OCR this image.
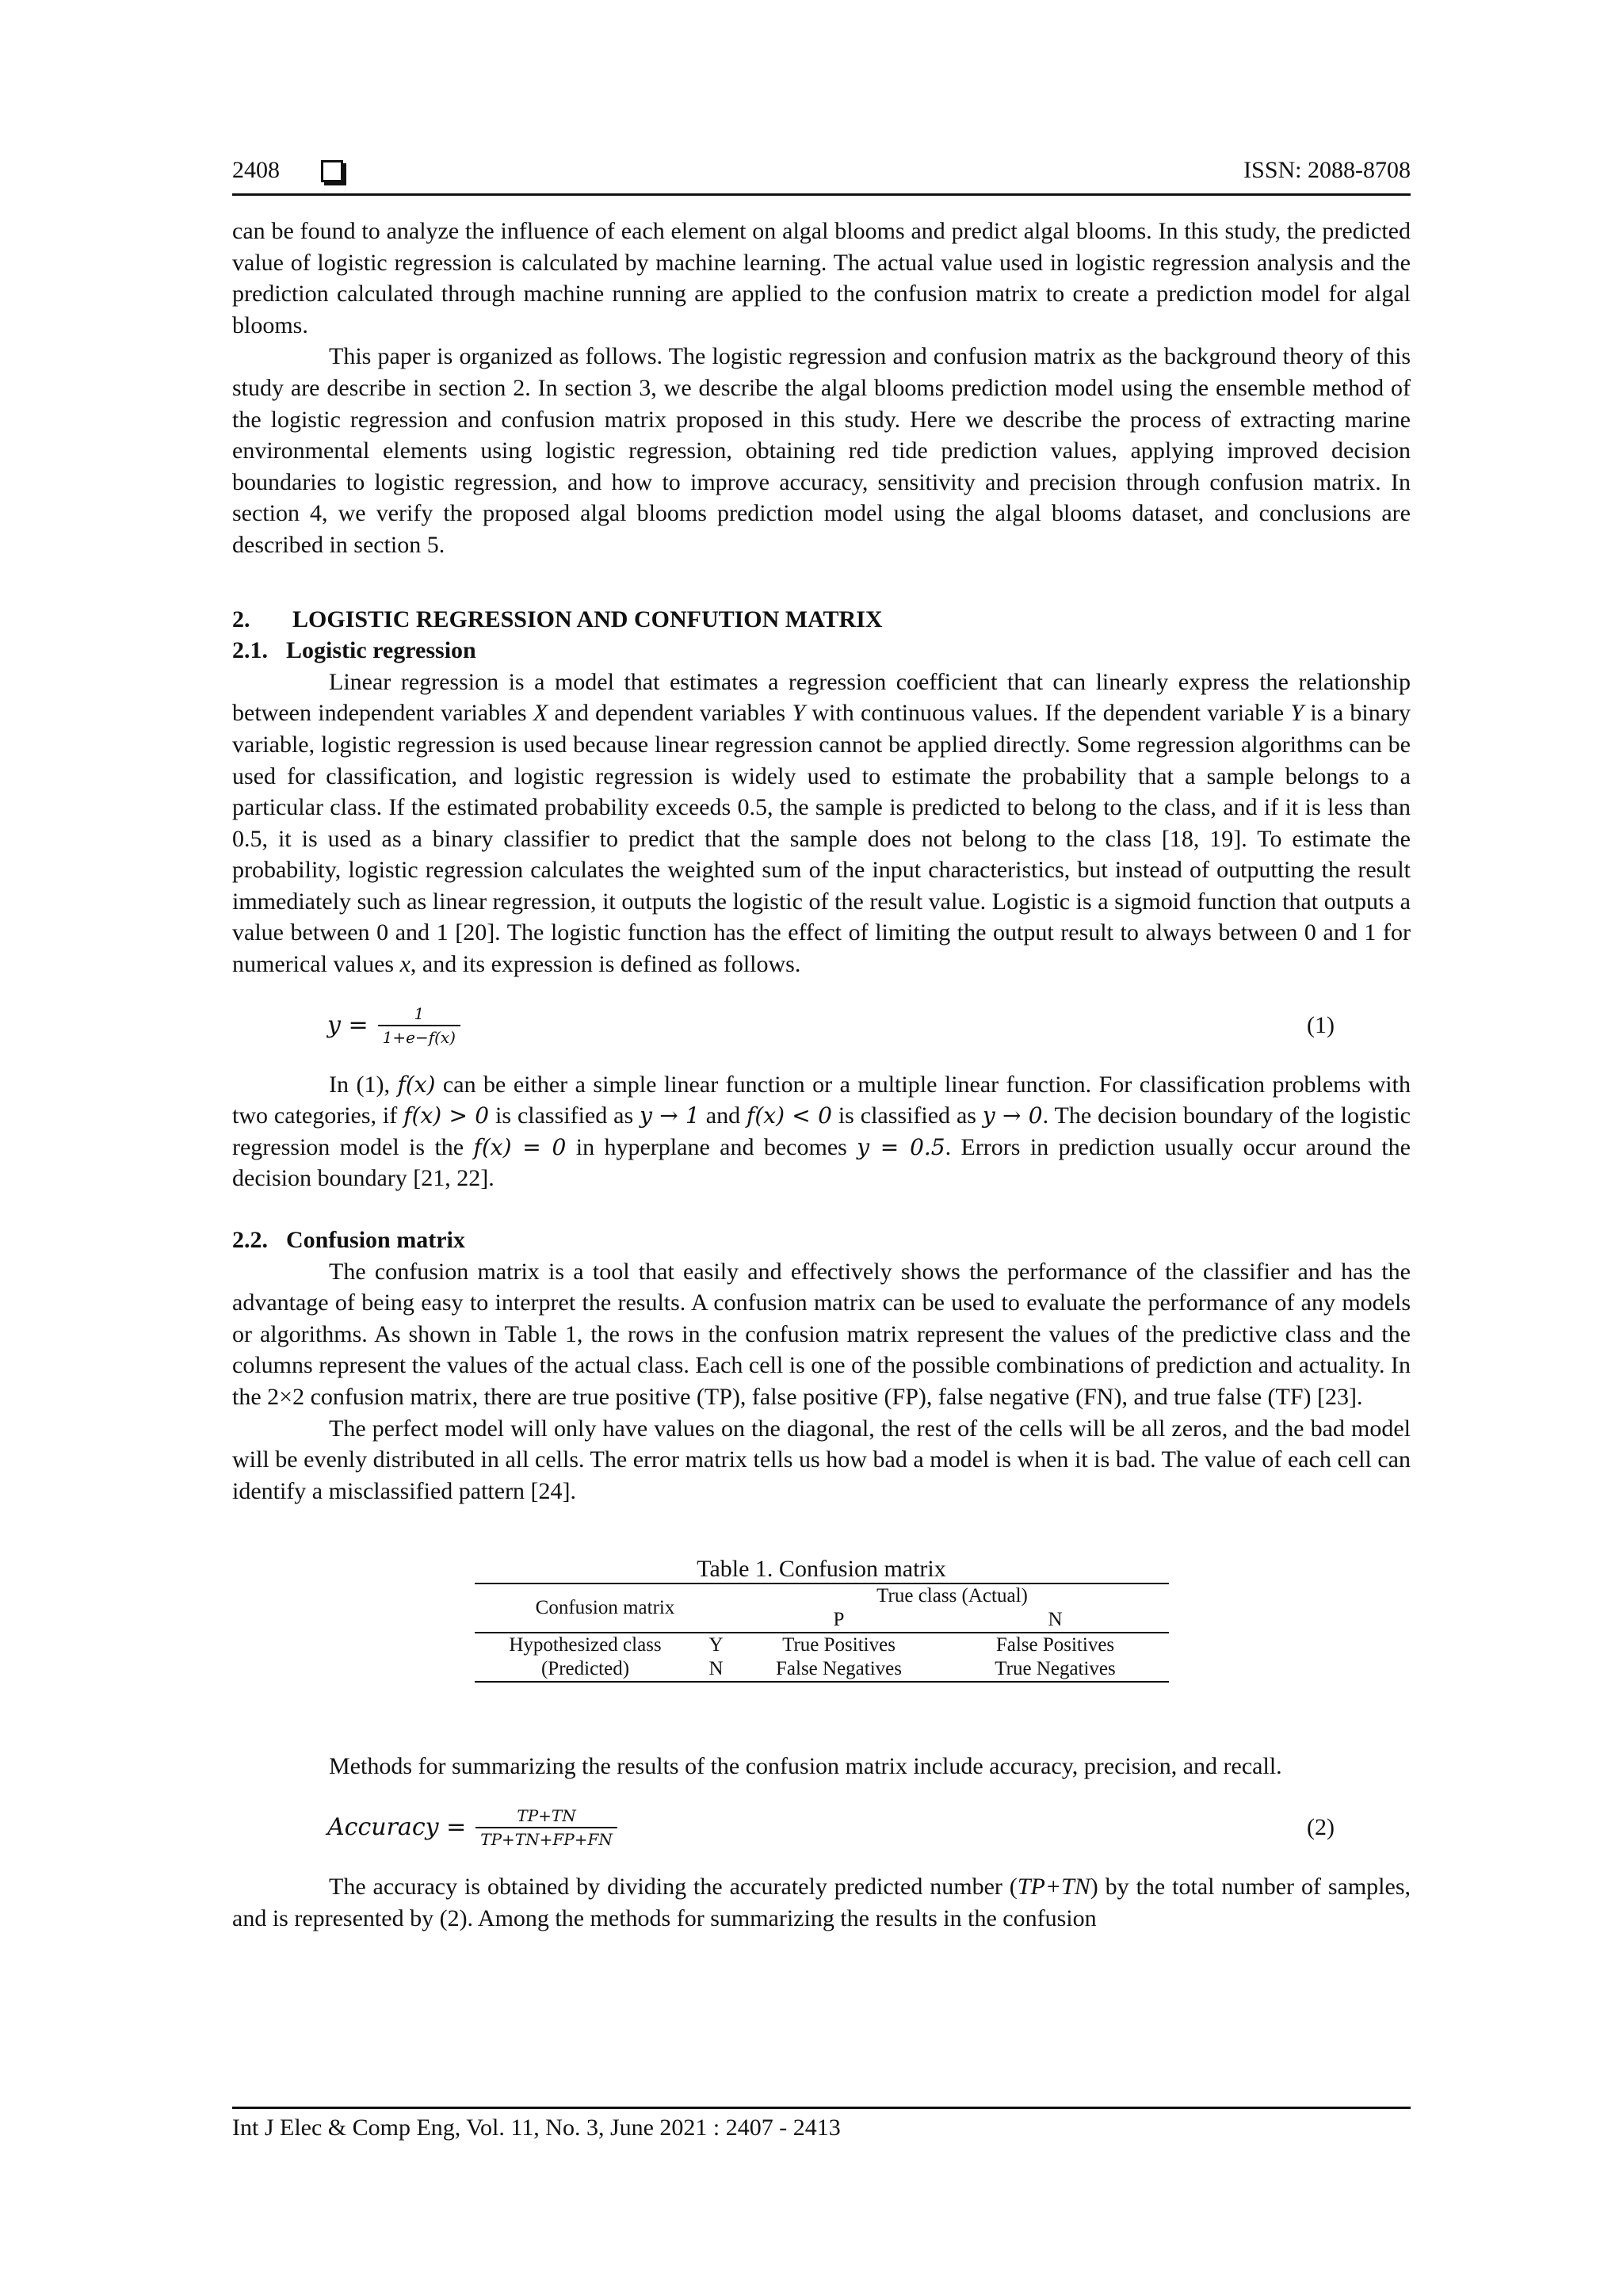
2408	ISSN: 2088-8708

can be found to analyze the influence of each element on algal blooms and predict algal blooms. In this study, the predicted value of logistic regression is calculated by machine learning. The actual value used in logistic regression analysis and the prediction calculated through machine running are applied to the confusion matrix to create a prediction model for algal blooms.

This paper is organized as follows. The logistic regression and confusion matrix as the background theory of this study are describe in section 2. In section 3, we describe the algal blooms prediction model using the ensemble method of the logistic regression and confusion matrix proposed in this study. Here we describe the process of extracting marine environmental elements using logistic regression, obtaining red tide prediction values, applying improved decision boundaries to logistic regression, and how to improve accuracy, sensitivity and precision through confusion matrix. In section 4, we verify the proposed algal blooms prediction model using the algal blooms dataset, and conclusions are described in section 5.

2. LOGISTIC REGRESSION AND CONFUTION MATRIX
2.1. Logistic regression

Linear regression is a model that estimates a regression coefficient that can linearly express the relationship between independent variables X and dependent variables Y with continuous values. If the dependent variable Y is a binary variable, logistic regression is used because linear regression cannot be applied directly. Some regression algorithms can be used for classification, and logistic regression is widely used to estimate the probability that a sample belongs to a particular class. If the estimated probability exceeds 0.5, the sample is predicted to belong to the class, and if it is less than 0.5, it is used as a binary classifier to predict that the sample does not belong to the class [18, 19]. To estimate the probability, logistic regression calculates the weighted sum of the input characteristics, but instead of outputting the result immediately such as linear regression, it outputs the logistic of the result value. Logistic is a sigmoid function that outputs a value between 0 and 1 [20]. The logistic function has the effect of limiting the output result to always between 0 and 1 for numerical values x, and its expression is defined as follows.

$y = \frac{1}{1+e-f(x)}$	(1)

In (1), f(x) can be either a simple linear function or a multiple linear function. For classification problems with two categories, if f(x) > 0 is classified as y → 1 and f(x) < 0 is classified as y → 0. The decision boundary of the logistic regression model is the f(x) = 0 in hyperplane and becomes y = 0.5. Errors in prediction usually occur around the decision boundary [21, 22].

2.2. Confusion matrix

The confusion matrix is a tool that easily and effectively shows the performance of the classifier and has the advantage of being easy to interpret the results. A confusion matrix can be used to evaluate the performance of any models or algorithms. As shown in Table 1, the rows in the confusion matrix represent the values of the predictive class and the columns represent the values of the actual class. Each cell is one of the possible combinations of prediction and actuality. In the 2×2 confusion matrix, there are true positive (TP), false positive (FP), false negative (FN), and true false (TF) [23].

The perfect model will only have values on the diagonal, the rest of the cells will be all zeros, and the bad model will be evenly distributed in all cells. The error matrix tells us how bad a model is when it is bad. The value of each cell can identify a misclassified pattern [24].

Table 1. Confusion matrix
Confusion matrix		True class (Actual)	
		P	N
Hypothesized class	Y	True Positives	False Positives
(Predicted)	N	False Negatives	True Negatives

Methods for summarizing the results of the confusion matrix include accuracy, precision, and recall.

Accuracy = $\frac{TP+TN}{TP+TN+FP+FN}$	(2)

The accuracy is obtained by dividing the accurately predicted number (TP+TN) by the total number of samples, and is represented by (2). Among the methods for summarizing the results in the confusion

Int J Elec & Comp Eng, Vol. 11, No. 3, June 2021 : 2407 - 2413
